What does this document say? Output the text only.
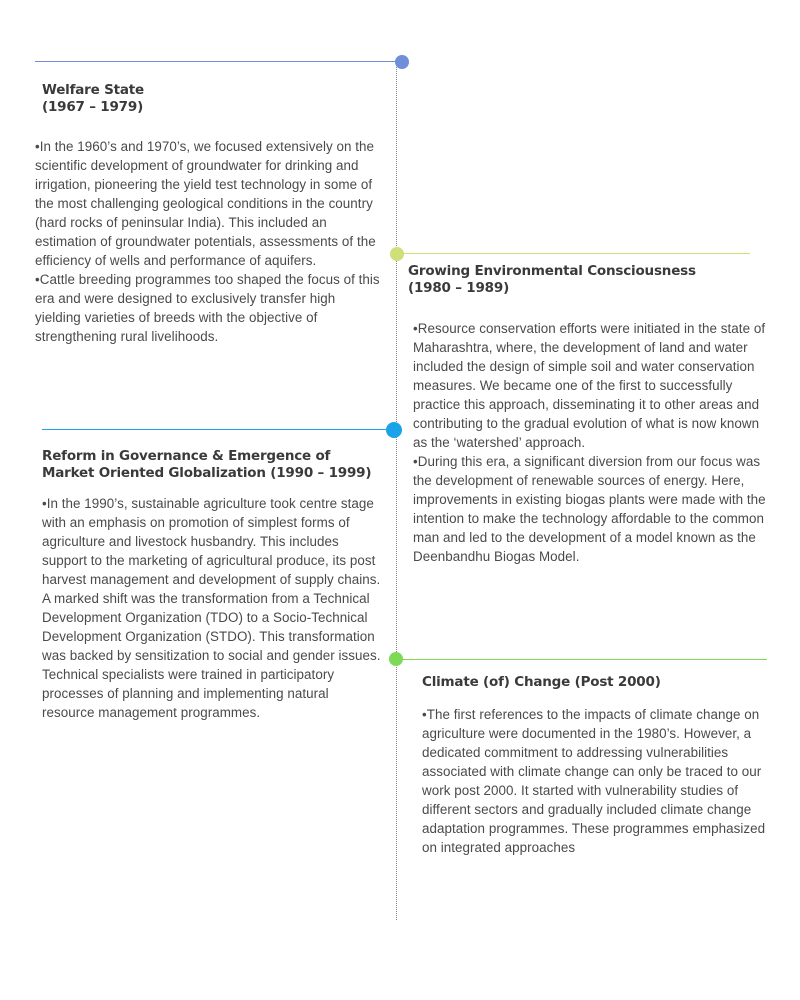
Welfare State
(1967 – 1979)

•In the 1960’s and 1970’s, we focused extensively on the scientific development of groundwater for drinking and irrigation, pioneering the yield test technology in some of the most challenging geological conditions in the country (hard rocks of peninsular India). This included an estimation of groundwater potentials, assessments of the efficiency of wells and performance of aquifers.

•Cattle breeding programmes too shaped the focus of this era and were designed to exclusively transfer high yielding varieties of breeds with the objective of strengthening rural livelihoods.

Growing Environmental Consciousness
(1980 – 1989)

•Resource conservation efforts were initiated in the state of Maharashtra, where, the development of land and water included the design of simple soil and water conservation measures. We became one of the first to successfully practice this approach, disseminating it to other areas and contributing to the gradual evolution of what is now known as the ‘watershed’ approach.

•During this era, a significant diversion from our focus was the development of renewable sources of energy. Here, improvements in existing biogas plants were made with the intention to make the technology affordable to the common man and led to the development of a model known as the Deenbandhu Biogas Model.

Reform in Governance & Emergence of
Market Oriented Globalization (1990 – 1999)

•In the 1990’s, sustainable agriculture took centre stage with an emphasis on promotion of simplest forms of agriculture and livestock husbandry. This includes support to the marketing of agricultural produce, its post harvest management and development of supply chains. A marked shift was the transformation from a Technical Development Organization (TDO) to a Socio-Technical Development Organization (STDO). This transformation was backed by sensitization to social and gender issues. Technical specialists were trained in participatory processes of planning and implementing natural resource management programmes.

Climate (of) Change (Post 2000)

•The first references to the impacts of climate change on agriculture were documented in the 1980’s. However, a dedicated commitment to addressing vulnerabilities associated with climate change can only be traced to our work post 2000. It started with vulnerability studies of different sectors and gradually included climate change adaptation programmes. These programmes emphasized on integrated approaches
